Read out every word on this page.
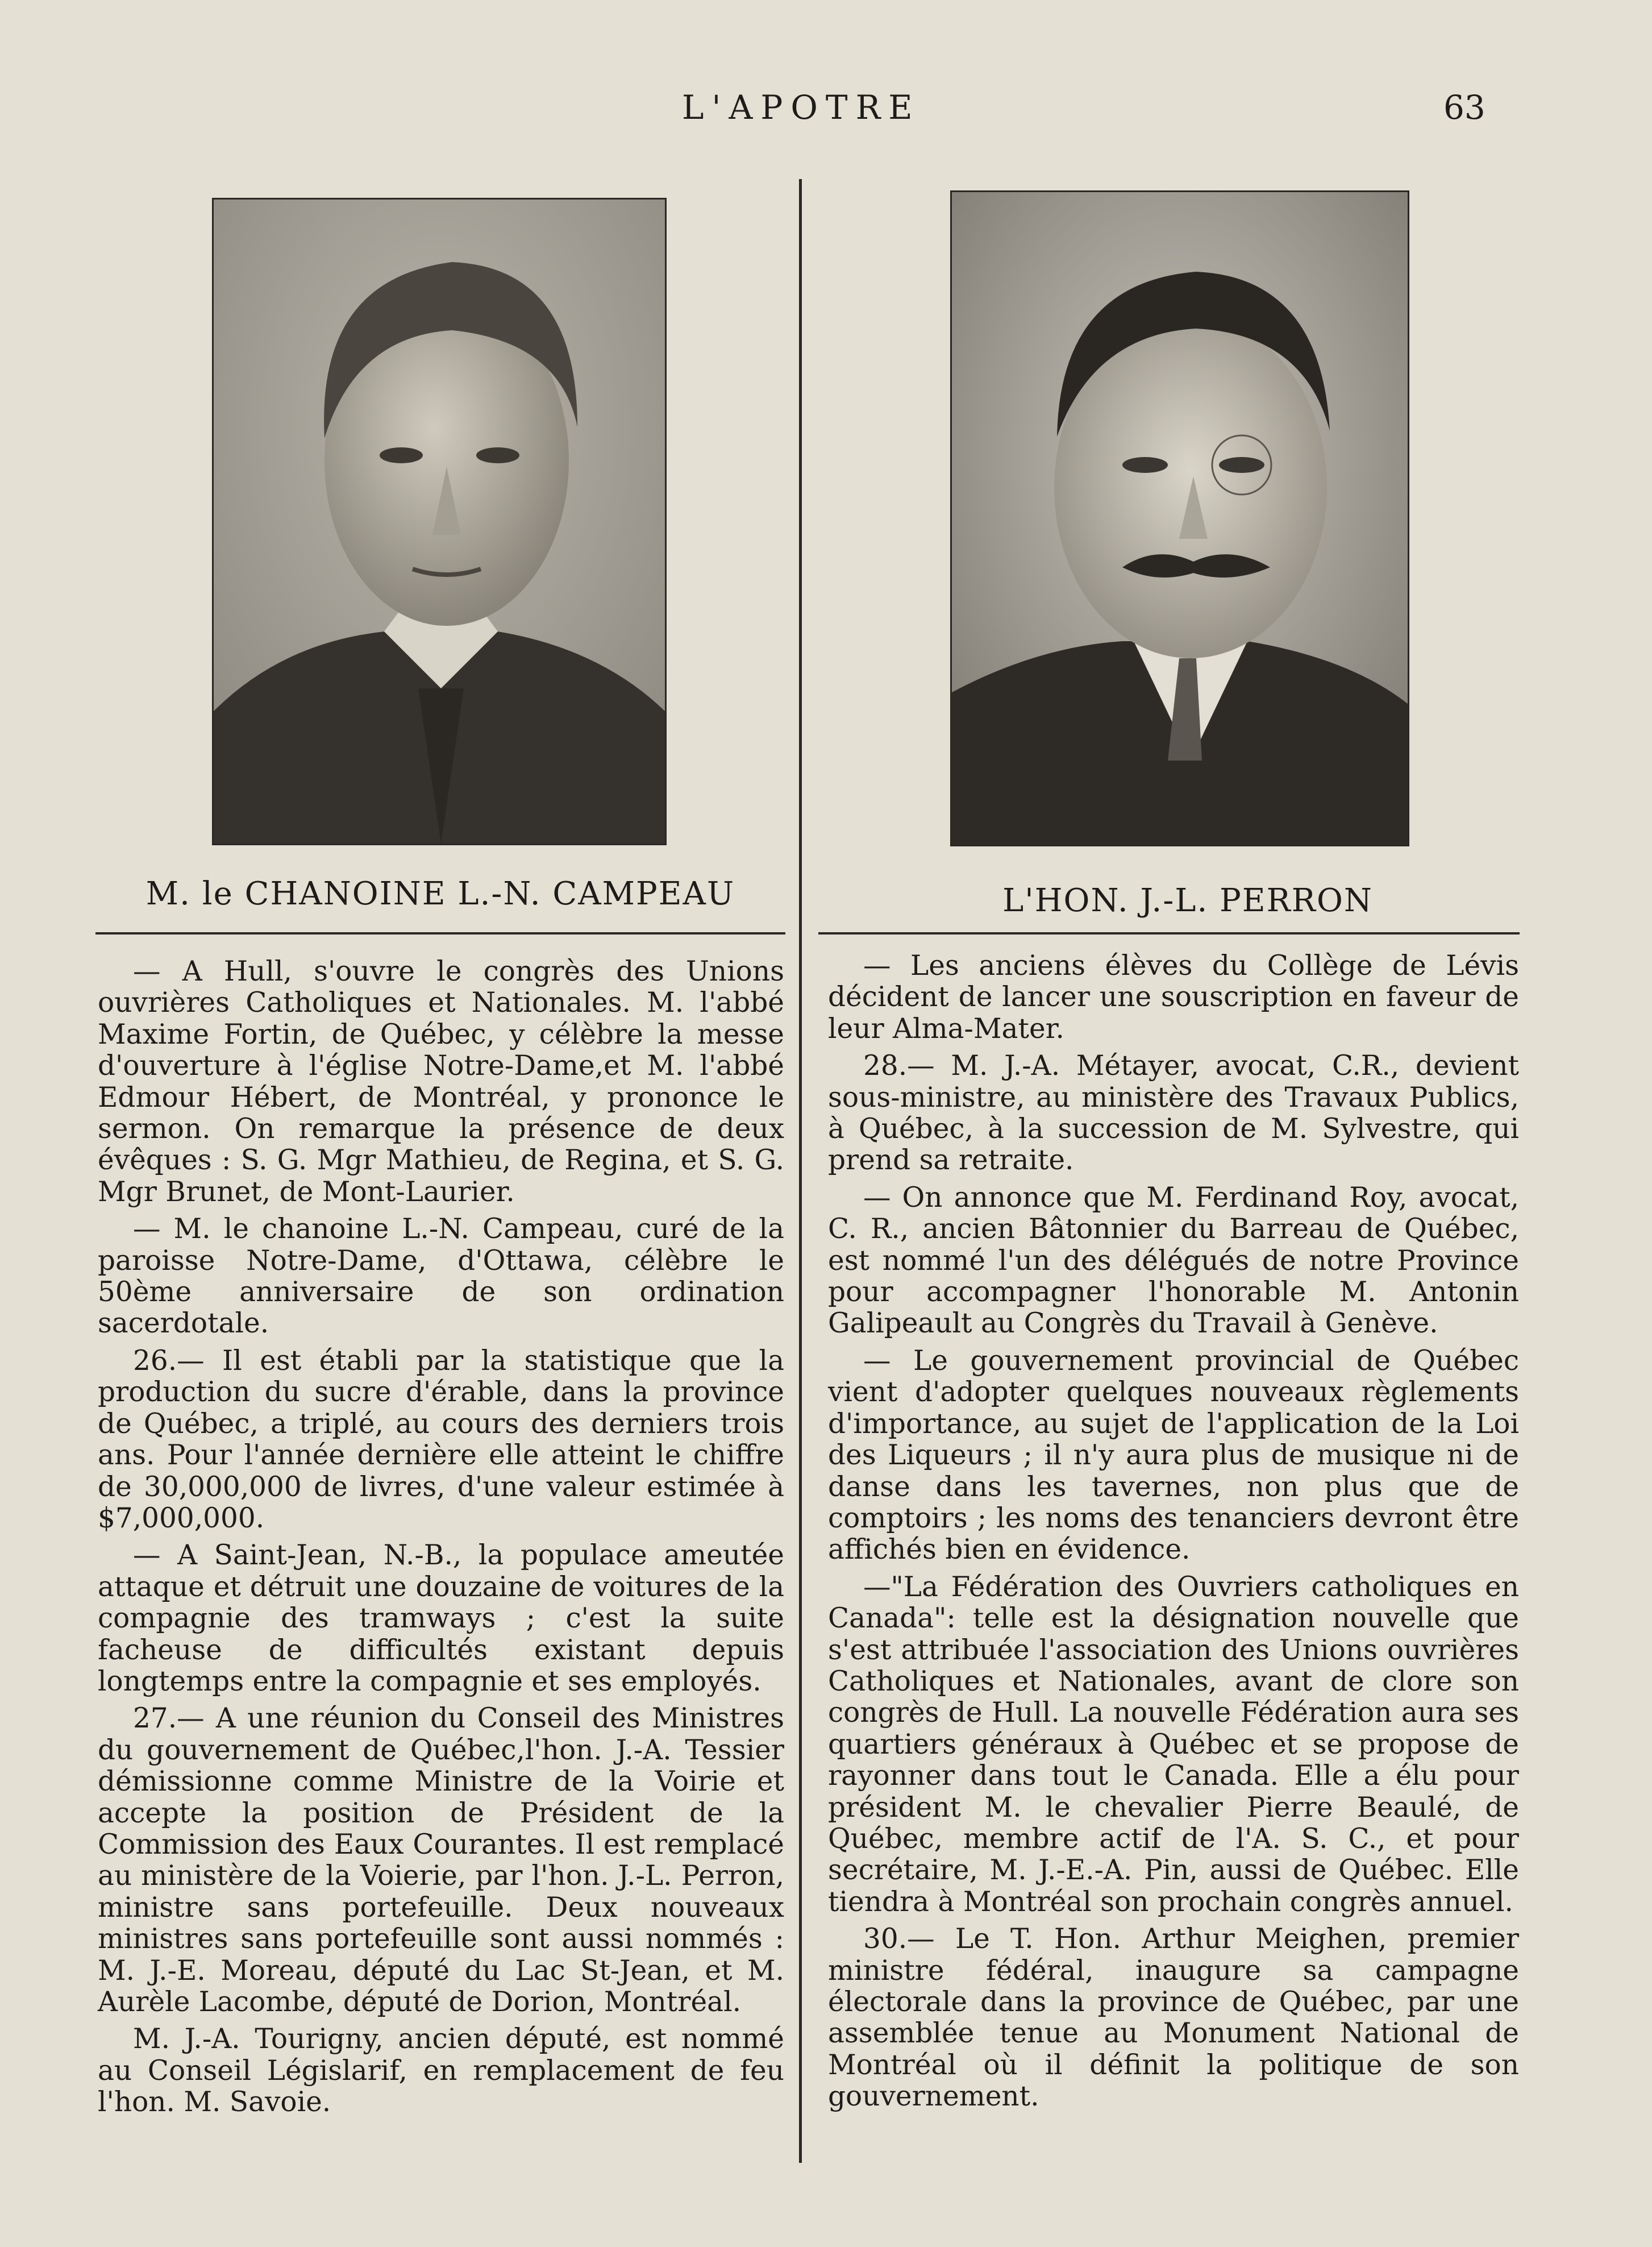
L'APOTRE	63
M. le CHANOINE L.-N. CAMPEAU	L'HON. J.-L. PERRON

— A Hull, s'ouvre le congrès des Unions ouvrières Catholiques et Nationales. M. l'abbé Maxime Fortin, de Québec, y célèbre la messe d'ouverture à l'église Notre-Dame,et M. l'abbé Edmour Hébert, de Montréal, y prononce le sermon. On remarque la présence de deux évêques : S. G. Mgr Mathieu, de Regina, et S. G. Mgr Brunet, de Mont-Laurier.

— M. le chanoine L.-N. Campeau, curé de la paroisse Notre-Dame, d'Ottawa, célèbre le 50ème anniversaire de son ordination sacerdotale.

26.— Il est établi par la statistique que la production du sucre d'érable, dans la province de Québec, a triplé, au cours des derniers trois ans. Pour l'année dernière elle atteint le chiffre de 30,000,000 de livres, d'une valeur estimée à $7,000,000.

— A Saint-Jean, N.-B., la populace ameutée attaque et détruit une douzaine de voitures de la compagnie des tramways ; c'est la suite facheuse de difficultés existant depuis longtemps entre la compagnie et ses employés.

27.— A une réunion du Conseil des Ministres du gouvernement de Québec,l'hon. J.-A. Tessier démissionne comme Ministre de la Voirie et accepte la position de Président de la Commission des Eaux Courantes. Il est remplacé au ministère de la Voierie, par l'hon. J.-L. Perron, ministre sans portefeuille. Deux nouveaux ministres sans portefeuille sont aussi nommés : M. J.-E. Moreau, député du Lac St-Jean, et M. Aurèle Lacombe, député de Dorion, Montréal.

M. J.-A. Tourigny, ancien député, est nommé au Conseil Législarif, en remplacement de feu l'hon. M. Savoie.

— Les anciens élèves du Collège de Lévis décident de lancer une souscription en faveur de leur Alma-Mater.

28.— M. J.-A. Métayer, avocat, C.R., devient sous-ministre, au ministère des Travaux Publics, à Québec, à la succession de M. Sylvestre, qui prend sa retraite.

— On annonce que M. Ferdinand Roy, avocat, C. R., ancien Bâtonnier du Barreau de Québec, est nommé l'un des délégués de notre Province pour accompagner l'honorable M. Antonin Galipeault au Congrès du Travail à Genève.

— Le gouvernement provincial de Québec vient d'adopter quelques nouveaux règlements d'importance, au sujet de l'application de la Loi des Liqueurs ; il n'y aura plus de musique ni de danse dans les tavernes, non plus que de comptoirs ; les noms des tenanciers devront être affichés bien en évidence.

—"La Fédération des Ouvriers catholiques en Canada": telle est la désignation nouvelle que s'est attribuée l'association des Unions ouvrières Catholiques et Nationales, avant de clore son congrès de Hull. La nouvelle Fédération aura ses quartiers généraux à Québec et se propose de rayonner dans tout le Canada. Elle a élu pour président M. le chevalier Pierre Beaulé, de Québec, membre actif de l'A. S. C., et pour secrétaire, M. J.-E.-A. Pin, aussi de Québec. Elle tiendra à Montréal son prochain congrès annuel.

30.— Le T. Hon. Arthur Meighen, premier ministre fédéral, inaugure sa campagne électorale dans la province de Québec, par une assemblée tenue au Monument National de Montréal où il définit la politique de son gouvernement.
